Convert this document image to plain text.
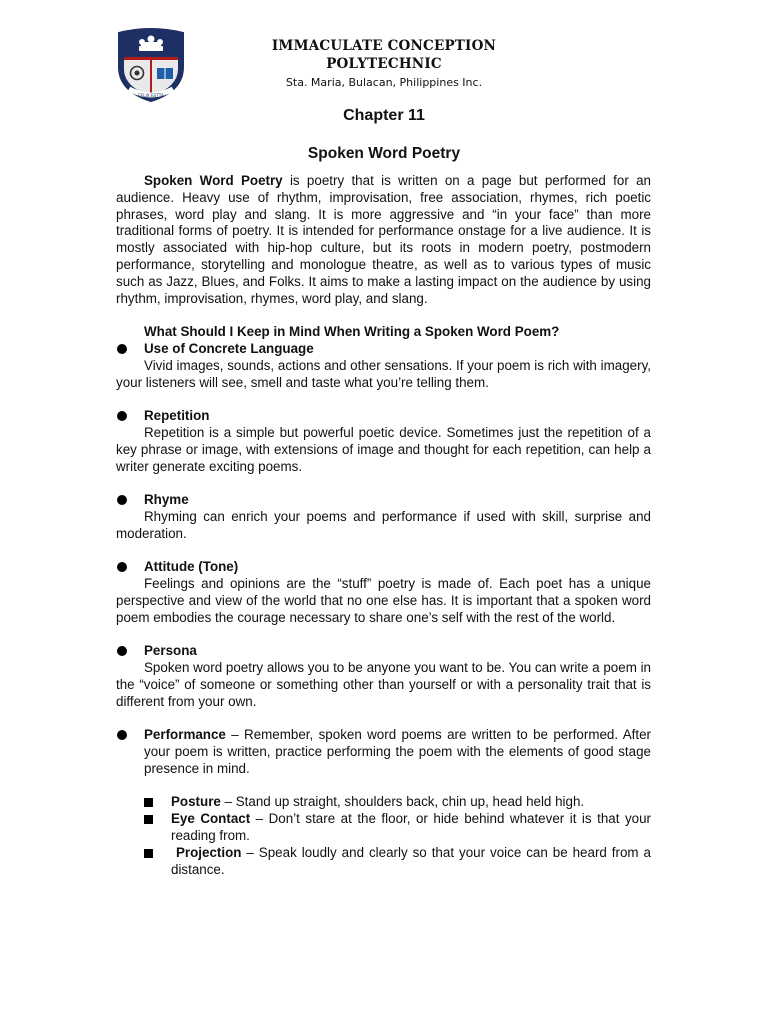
FELIX ESTTA
IMMACULATE CONCEPTION
POLYTECHNIC
Sta. Maria, Bulacan, Philippines Inc.
Chapter 11
Spoken Word Poetry

Spoken Word Poetry is poetry that is written on a page but performed for an audience. Heavy use of rhythm, improvisation, free association, rhymes, rich poetic phrases, word play and slang. It is more aggressive and “in your face” than more traditional forms of poetry. It is intended for performance onstage for a live audience. It is mostly associated with hip-hop culture, but its roots in modern poetry, postmodern performance, storytelling and monologue theatre, as well as to various types of music such as Jazz, Blues, and Folks. It aims to make a lasting impact on the audience by using rhythm, improvisation, rhymes, word play, and slang.

What Should I Keep in Mind When Writing a Spoken Word Poem?

Use of Concrete Language

Vivid images, sounds, actions and other sensations. If your poem is rich with imagery, your listeners will see, smell and taste what you’re telling them.

Repetition

Repetition is a simple but powerful poetic device. Sometimes just the repetition of a key phrase or image, with extensions of image and thought for each repetition, can help a writer generate exciting poems.

Rhyme

Rhyming can enrich your poems and performance if used with skill, surprise and moderation.

Attitude (Tone)

Feelings and opinions are the “stuff” poetry is made of. Each poet has a unique perspective and view of the world that no one else has. It is important that a spoken word poem embodies the courage necessary to share one’s self with the rest of the world.

Persona

Spoken word poetry allows you to be anyone you want to be. You can write a poem in the “voice” of someone or something other than yourself or with a personality trait that is different from your own.

Performance – Remember, spoken word poems are written to be performed. After your poem is written, practice performing the poem with the elements of good stage presence in mind.

Posture – Stand up straight, shoulders back, chin up, head held high.

Eye Contact – Don’t stare at the floor, or hide behind whatever it is that your reading from.

Projection – Speak loudly and clearly so that your voice can be heard from a distance.
